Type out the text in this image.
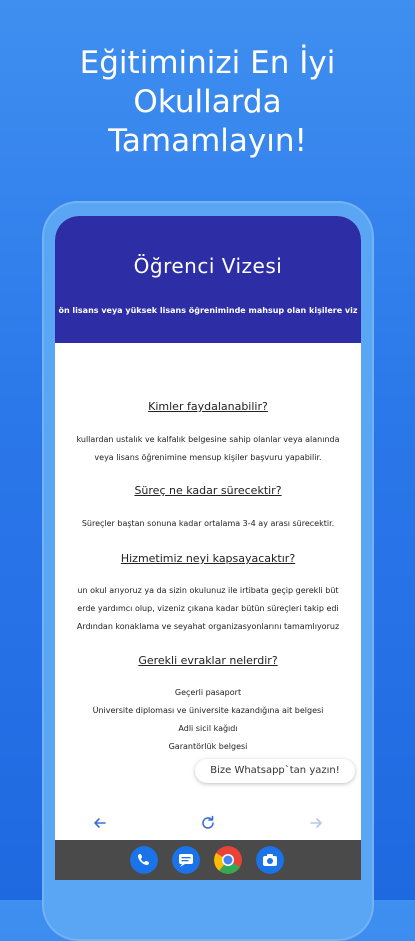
Eğitiminizi En İyi
Okullarda
Tamamlayın!
Öğrenci Vizesi
ön lisans veya yüksek lisans öğreniminde mahsup olan kişilere viz
Kimler faydalanabilir?
kullardan ustalık ve kalfalık belgesine sahip olanlar veya alanında
veya lisans öğrenimine mensup kişiler başvuru yapabilir.
Süreç ne kadar sürecektir?
Süreçler baştan sonuna kadar ortalama 3-4 ay arası sürecektir.
Hizmetimiz neyi kapsayacaktır?
un okul arıyoruz ya da sizin okulunuz ile irtibata geçip gerekli büt
erde yardımcı olup, vizeniz çıkana kadar bütün süreçleri takip edi
Ardından konaklama ve seyahat organizasyonlarını tamamlıyoruz
Gerekli evraklar nelerdir?
Geçerli pasaport
Üniversite diploması ve üniversite kazandığına ait belgesi
Adli sicil kağıdı
Garantörlük belgesi
Bize Whatsapp`tan yazın!
